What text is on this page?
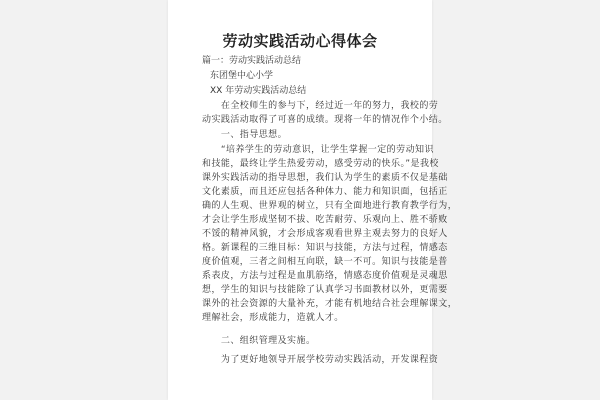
劳动实践活动心得体会
篇一：劳动实践活动总结
东团堡中心小学
XX 年劳动实践活动总结
　　在全校师生的参与下，经过近一年的努力，我校的劳
动实践活动取得了可喜的成绩。现将一年的情况作个小结。
　　一、指导思想。
　　“培养学生的劳动意识，让学生掌握一定的劳动知识
和技能，最终让学生热爱劳动，感受劳动的快乐。”是我校
课外实践活动的指导思想，我们认为学生的素质不仅是基础
文化素质，而且还应包括各种体力、能力和知识面，包括正
确的人生观、世界观的树立，只有全面地进行教育教学行为，
才会让学生形成坚韧不拔、吃苦耐劳、乐观向上、胜不骄败
不馁的精神风貌，才会形成客观看世界主观去努力的良好人
格。新课程的三维目标：知识与技能，方法与过程，情感态
度价值观，三者之间相互向联，缺一不可。知识与技能是普
系表皮，方法与过程是血肌筋络，情感态度价值观是灵魂思
想，学生的知识与技能除了认真学习书面教材以外，更需要
课外的社会资源的大量补充，才能有机地结合社会理解课文，
理解社会，形成能力，造就人才。
　　二、组织管理及实施。
　　为了更好地领导开展学校劳动实践活动，开发课程资
